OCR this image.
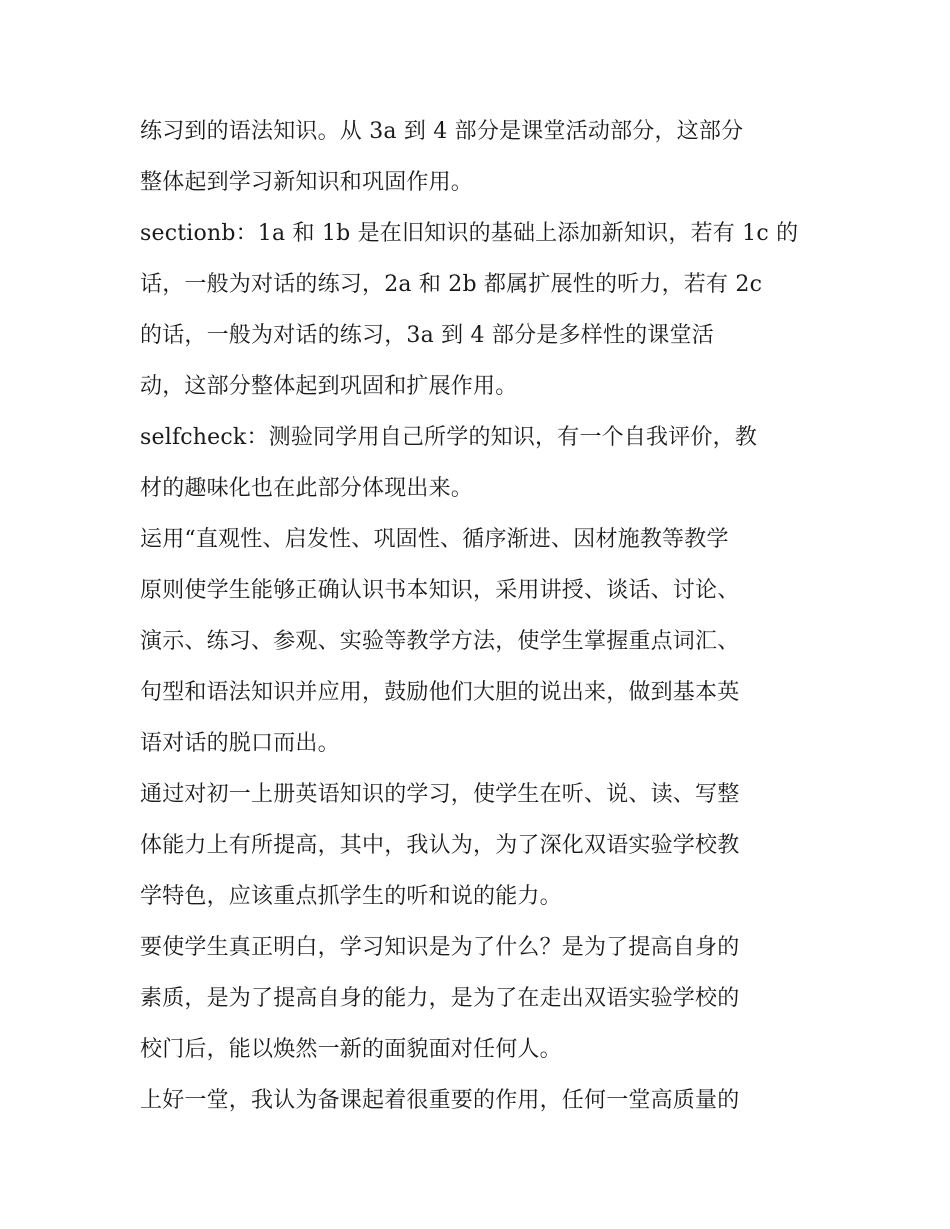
练习到的语法知识。从 3a 到 4 部分是课堂活动部分，这部分
整体起到学习新知识和巩固作用。
sectionb：1a 和 1b 是在旧知识的基础上添加新知识，若有 1c 的
话，一般为对话的练习，2a 和 2b 都属扩展性的听力，若有 2c
的话，一般为对话的练习，3a 到 4 部分是多样性的课堂活
动，这部分整体起到巩固和扩展作用。
selfcheck：测验同学用自己所学的知识，有一个自我评价，教
材的趣味化也在此部分体现出来。
运用“直观性、启发性、巩固性、循序渐进、因材施教等教学
原则使学生能够正确认识书本知识，采用讲授、谈话、讨论、
演示、练习、参观、实验等教学方法，使学生掌握重点词汇、
句型和语法知识并应用，鼓励他们大胆的说出来，做到基本英
语对话的脱口而出。
通过对初一上册英语知识的学习，使学生在听、说、读、写整
体能力上有所提高，其中，我认为，为了深化双语实验学校教
学特色，应该重点抓学生的听和说的能力。
要使学生真正明白，学习知识是为了什么？是为了提高自身的
素质，是为了提高自身的能力，是为了在走出双语实验学校的
校门后，能以焕然一新的面貌面对任何人。
上好一堂，我认为备课起着很重要的作用，任何一堂高质量的
